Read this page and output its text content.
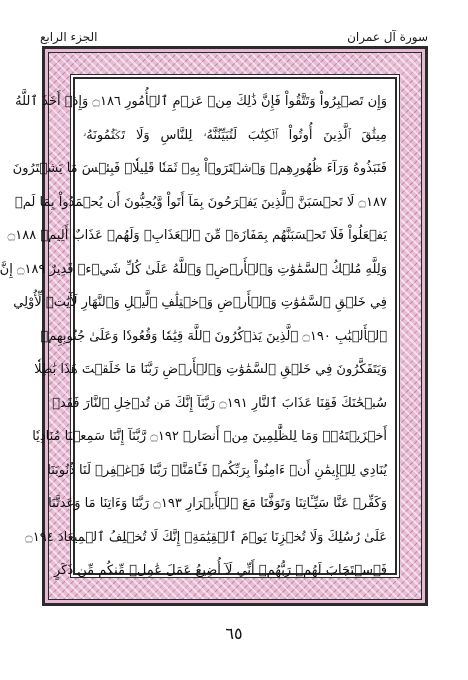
سورة آل عمران
الجزء الرابع
وَإِن تَصۡبِرُواْ وَتَتَّقُواْ فَإِنَّ ذَٰلِكَ مِنۡ عَزۡمِ ٱلۡأُمُورِ ۝١٨٦ وَإِذۡ أَخَذَ ٱللَّهُ
مِيثَٰقَ ٱلَّذِينَ أُوتُواْ ٱلۡكِتَٰبَ لَتُبَيِّنُنَّهُۥ لِلنَّاسِ وَلَا تَكۡتُمُونَهُۥ
فَنَبَذُوهُ وَرَآءَ ظُهُورِهِمۡ وَٱشۡتَرَوۡاْ بِهِۦ ثَمَنٗا قَلِيلٗاۖ فَبِئۡسَ مَا يَشۡتَرُونَ
۝١٨٧ لَا تَحۡسَبَنَّ ٱلَّذِينَ يَفۡرَحُونَ بِمَآ أَتَواْ وَّيُحِبُّونَ أَن يُحۡمَدُواْ بِمَا لَمۡ
يَفۡعَلُواْ فَلَا تَحۡسَبَنَّهُم بِمَفَازَةٖ مِّنَ ٱلۡعَذَابِۖ وَلَهُمۡ عَذَابٌ أَلِيمٞ ۝١٨٨
وَلِلَّهِ مُلۡكُ ٱلسَّمَٰوَٰتِ وَٱلۡأَرۡضِۗ وَٱللَّهُ عَلَىٰ كُلِّ شَيۡءٖ قَدِيرٌ ۝١٨٩ إِنَّ
فِي خَلۡقِ ٱلسَّمَٰوَٰتِ وَٱلۡأَرۡضِ وَٱخۡتِلَٰفِ ٱلَّيۡلِ وَٱلنَّهَارِ لَأٓيَٰتٖ لِّأُوْلِي
ٱلۡأَلۡبَٰبِ ۝١٩٠ ٱلَّذِينَ يَذۡكُرُونَ ٱللَّهَ قِيَٰمٗا وَقُعُودٗا وَعَلَىٰ جُنُوبِهِمۡ
وَيَتَفَكَّرُونَ فِي خَلۡقِ ٱلسَّمَٰوَٰتِ وَٱلۡأَرۡضِ رَبَّنَا مَا خَلَقۡتَ هَٰذَا بَٰطِلٗا
سُبۡحَٰنَكَ فَقِنَا عَذَابَ ٱلنَّارِ ۝١٩١ رَبَّنَآ إِنَّكَ مَن تُدۡخِلِ ٱلنَّارَ فَقَدۡ
أَخۡزَيۡتَهُۥۖ وَمَا لِلظَّٰلِمِينَ مِنۡ أَنصَارٖ ۝١٩٢ رَّبَّنَآ إِنَّنَا سَمِعۡنَا مُنَادِيٗا
يُنَادِي لِلۡإِيمَٰنِ أَنۡ ءَامِنُواْ بِرَبِّكُمۡ فَـَٔامَنَّاۚ رَبَّنَا فَٱغۡفِرۡ لَنَا ذُنُوبَنَا
وَكَفِّرۡ عَنَّا سَيِّـَٔاتِنَا وَتَوَفَّنَا مَعَ ٱلۡأَبۡرَارِ ۝١٩٣ رَبَّنَا وَءَاتِنَا مَا وَعَدتَّنَا
عَلَىٰ رُسُلِكَ وَلَا تُخۡزِنَا يَوۡمَ ٱلۡقِيَٰمَةِۖ إِنَّكَ لَا تُخۡلِفُ ٱلۡمِيعَادَ ۝١٩٤
فَٱسۡتَجَابَ لَهُمۡ رَبُّهُمۡ أَنِّي لَآ أُضِيعُ عَمَلَ عَٰمِلٖ مِّنكُم مِّن ذَكَرٍ
٦٥
